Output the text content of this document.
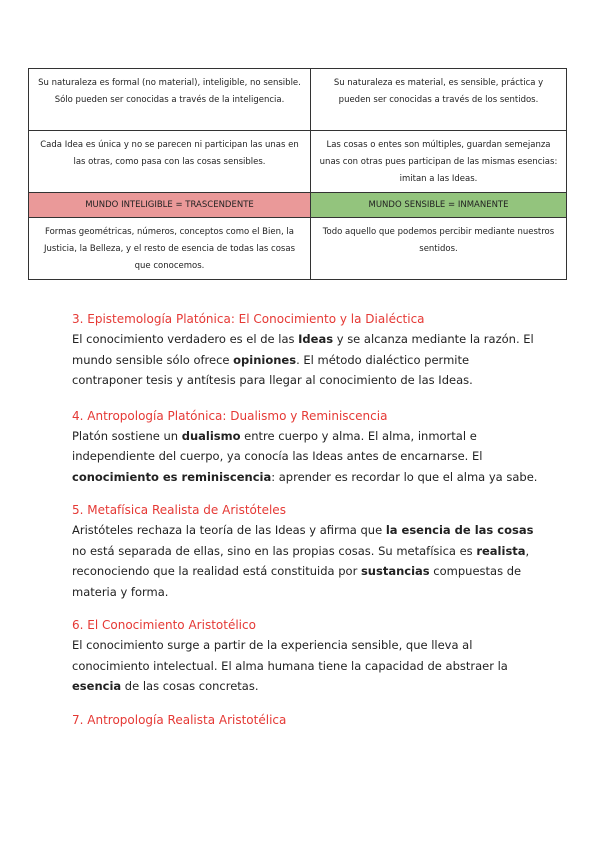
Su naturaleza es formal (no material), inteligible, no sensible. Sólo pueden ser conocidas a través de la inteligencia.	Su naturaleza es material, es sensible, práctica y pueden ser conocidas a través de los sentidos.
Cada Idea es única y no se parecen ni participan las unas en las otras, como pasa con las cosas sensibles.	Las cosas o entes son múltiples, guardan semejanza unas con otras pues participan de las mismas esencias: imitan a las Ideas.
MUNDO INTELIGIBLE = TRASCENDENTE	MUNDO SENSIBLE = INMANENTE
Formas geométricas, números, conceptos como el Bien, la Justicia, la Belleza, y el resto de esencia de todas las cosas que conocemos.	Todo aquello que podemos percibir mediante nuestros sentidos.

3. Epistemología Platónica: El Conocimiento y la Dialéctica

El conocimiento verdadero es el de las Ideas y se alcanza mediante la razón. El mundo sensible sólo ofrece opiniones. El método dialéctico permite contraponer tesis y antítesis para llegar al conocimiento de las Ideas.

4. Antropología Platónica: Dualismo y Reminiscencia

Platón sostiene un dualismo entre cuerpo y alma. El alma, inmortal e independiente del cuerpo, ya conocía las Ideas antes de encarnarse. El conocimiento es reminiscencia: aprender es recordar lo que el alma ya sabe.

5. Metafísica Realista de Aristóteles

Aristóteles rechaza la teoría de las Ideas y afirma que la esencia de las cosas no está separada de ellas, sino en las propias cosas. Su metafísica es realista, reconociendo que la realidad está constituida por sustancias compuestas de materia y forma.

6. El Conocimiento Aristotélico

El conocimiento surge a partir de la experiencia sensible, que lleva al conocimiento intelectual. El alma humana tiene la capacidad de abstraer la esencia de las cosas concretas.

7. Antropología Realista Aristotélica
